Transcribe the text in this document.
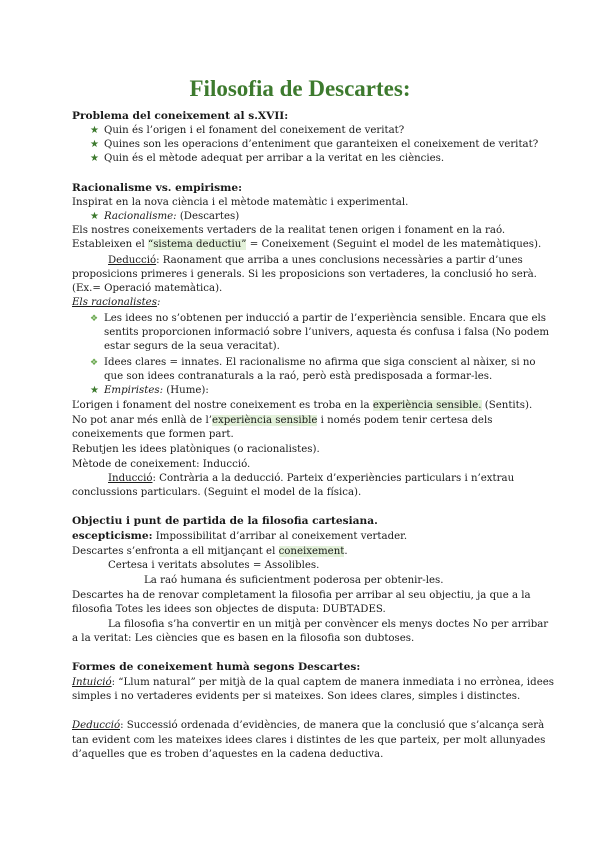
Filosofia de Descartes:
Problema del coneixement al s.XVII:
★ Quin és l’origen i el fonament del coneixement de veritat?
★ Quines son les operacions d’enteniment que garanteixen el coneixement de veritat?
★ Quin és el mètode adequat per arribar a la veritat en les ciències.
Racionalisme vs. empirisme:
Inspirat en la nova ciència i el mètode matemàtic i experimental.
★ Racionalisme: (Descartes)
Els nostres coneixements vertaders de la realitat tenen origen i fonament en la raó.
Estableixen el “sistema deductiu” = Coneixement (Seguint el model de les matemàtiques).
Deducció: Raonament que arriba a unes conclusions necessàries a partir d’unes
proposicions primeres i generals. Si les proposicions son vertaderes, la conclusió ho serà.
(Ex.= Operació matemàtica).
Els racionalistes:
❖ Les idees no s’obtenen per inducció a partir de l’experiència sensible. Encara que els
sentits proporcionen informació sobre l’univers, aquesta és confusa i falsa (No podem
estar segurs de la seua veracitat).
❖ Idees clares = innates. El racionalisme no afirma que siga conscient al nàixer, si no
que son idees contranaturals a la raó, però està predisposada a formar-les.
★ Empiristes: (Hume):
L’origen i fonament del nostre coneixement es troba en la experiència sensible. (Sentits).
No pot anar més enllà de l’experiència sensible i només podem tenir certesa dels
coneixements que formen part.
Rebutjen les idees platòniques (o racionalistes).
Mètode de coneixement: Inducció.
Inducció: Contrària a la deducció. Parteix d’experiències particulars i n’extrau
conclussions particulars. (Seguint el model de la física).
Objectiu i punt de partida de la filosofia cartesiana.
escepticisme: Impossibilitat d’arribar al coneixement vertader.
Descartes s’enfronta a ell mitjançant el coneixement.
Certesa i veritats absolutes = Assolibles.
La raó humana és suficientment poderosa per obtenir-les.
Descartes ha de renovar completament la filosofia per arribar al seu objectiu, ja que a la
filosofia Totes les idees son objectes de disputa: DUBTADES.
La filosofia s’ha convertir en un mitjà per convèncer els menys doctes No per arribar
a la veritat: Les ciències que es basen en la filosofia son dubtoses.
Formes de coneixement humà segons Descartes:
Intuició: “Llum natural” per mitjà de la qual captem de manera inmediata i no errònea, idees
simples i no vertaderes evidents per si mateixes. Son idees clares, simples i distinctes.
Deducció: Successió ordenada d’evidències, de manera que la conclusió que s’alcança serà
tan evident com les mateixes idees clares i distintes de les que parteix, per molt allunyades
d’aquelles que es troben d’aquestes en la cadena deductiva.
